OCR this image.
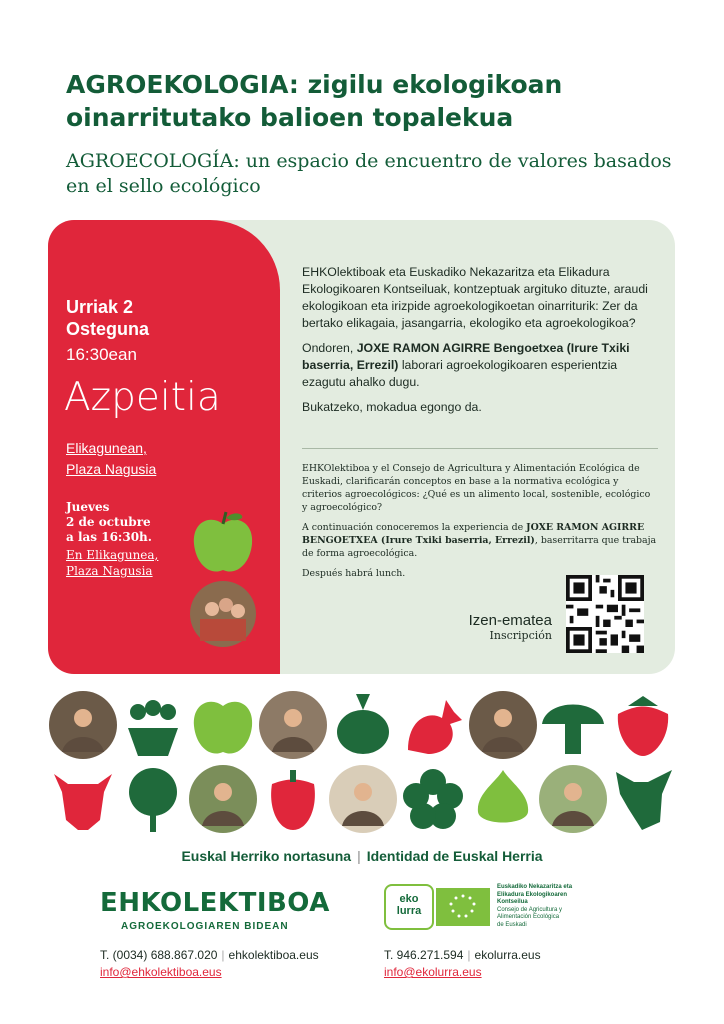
AGROEKOLOGIA: zigilu ekologikoan oinarritutako balioen topalekua
AGROECOLOGÍA: un espacio de encuentro de valores basados en el sello ecológico
Urriak 2
Osteguna
16:30ean
Azpeitia
Elikagunean,
Plaza Nagusia
Jueves
2 de octubre
a las 16:30h.
En Elikagunea,
Plaza Nagusia

EHKOlektiboak eta Euskadiko Nekazaritza eta Elikadura Ekologikoaren Kontseiluak, kontzeptuak argituko dituzte, araudi ekologikoan eta irizpide agroekologikoetan oinarriturik: Zer da bertako elikagaia, jasangarria, ekologiko eta agroekologikoa?

Ondoren, JOXE RAMON AGIRRE Bengoetxea (Irure Txiki baserria, Errezil) laborari agroekologikoaren esperientzia ezagutu ahalko dugu.

Bukatzeko, mokadua egongo da.

EHKOlektiboa y el Consejo de Agricultura y Alimentación Ecológica de Euskadi, clarificarán conceptos en base a la normativa ecológica y criterios agroecológicos: ¿Qué es un alimento local, sostenible, ecológico y agroecológico?

A continuación conoceremos la experiencia de JOXE RAMON AGIRRE BENGOETXEA (Irure Txiki baserria, Errezil), baserritarra que trabaja de forma agroecológica.

Después habrá lunch.

Izen-ematea
Inscripción
Euskal Herriko nortasuna | Identidad de Euskal Herria
EHKOLEKTIBOA
AGROEKOLOGIAREN BIDEAN
T. (0034) 688.867.020 | ehkolektiboa.eus
info@ehkolektiboa.eus
eko
lurra
Euskadiko Nekazaritza eta
Elikadura Ekologikoaren
Kontseilua
Consejo de Agricultura y
Alimentación Ecológica
de Euskadi
T. 946.271.594 | ekolurra.eus
info@ekolurra.eus
